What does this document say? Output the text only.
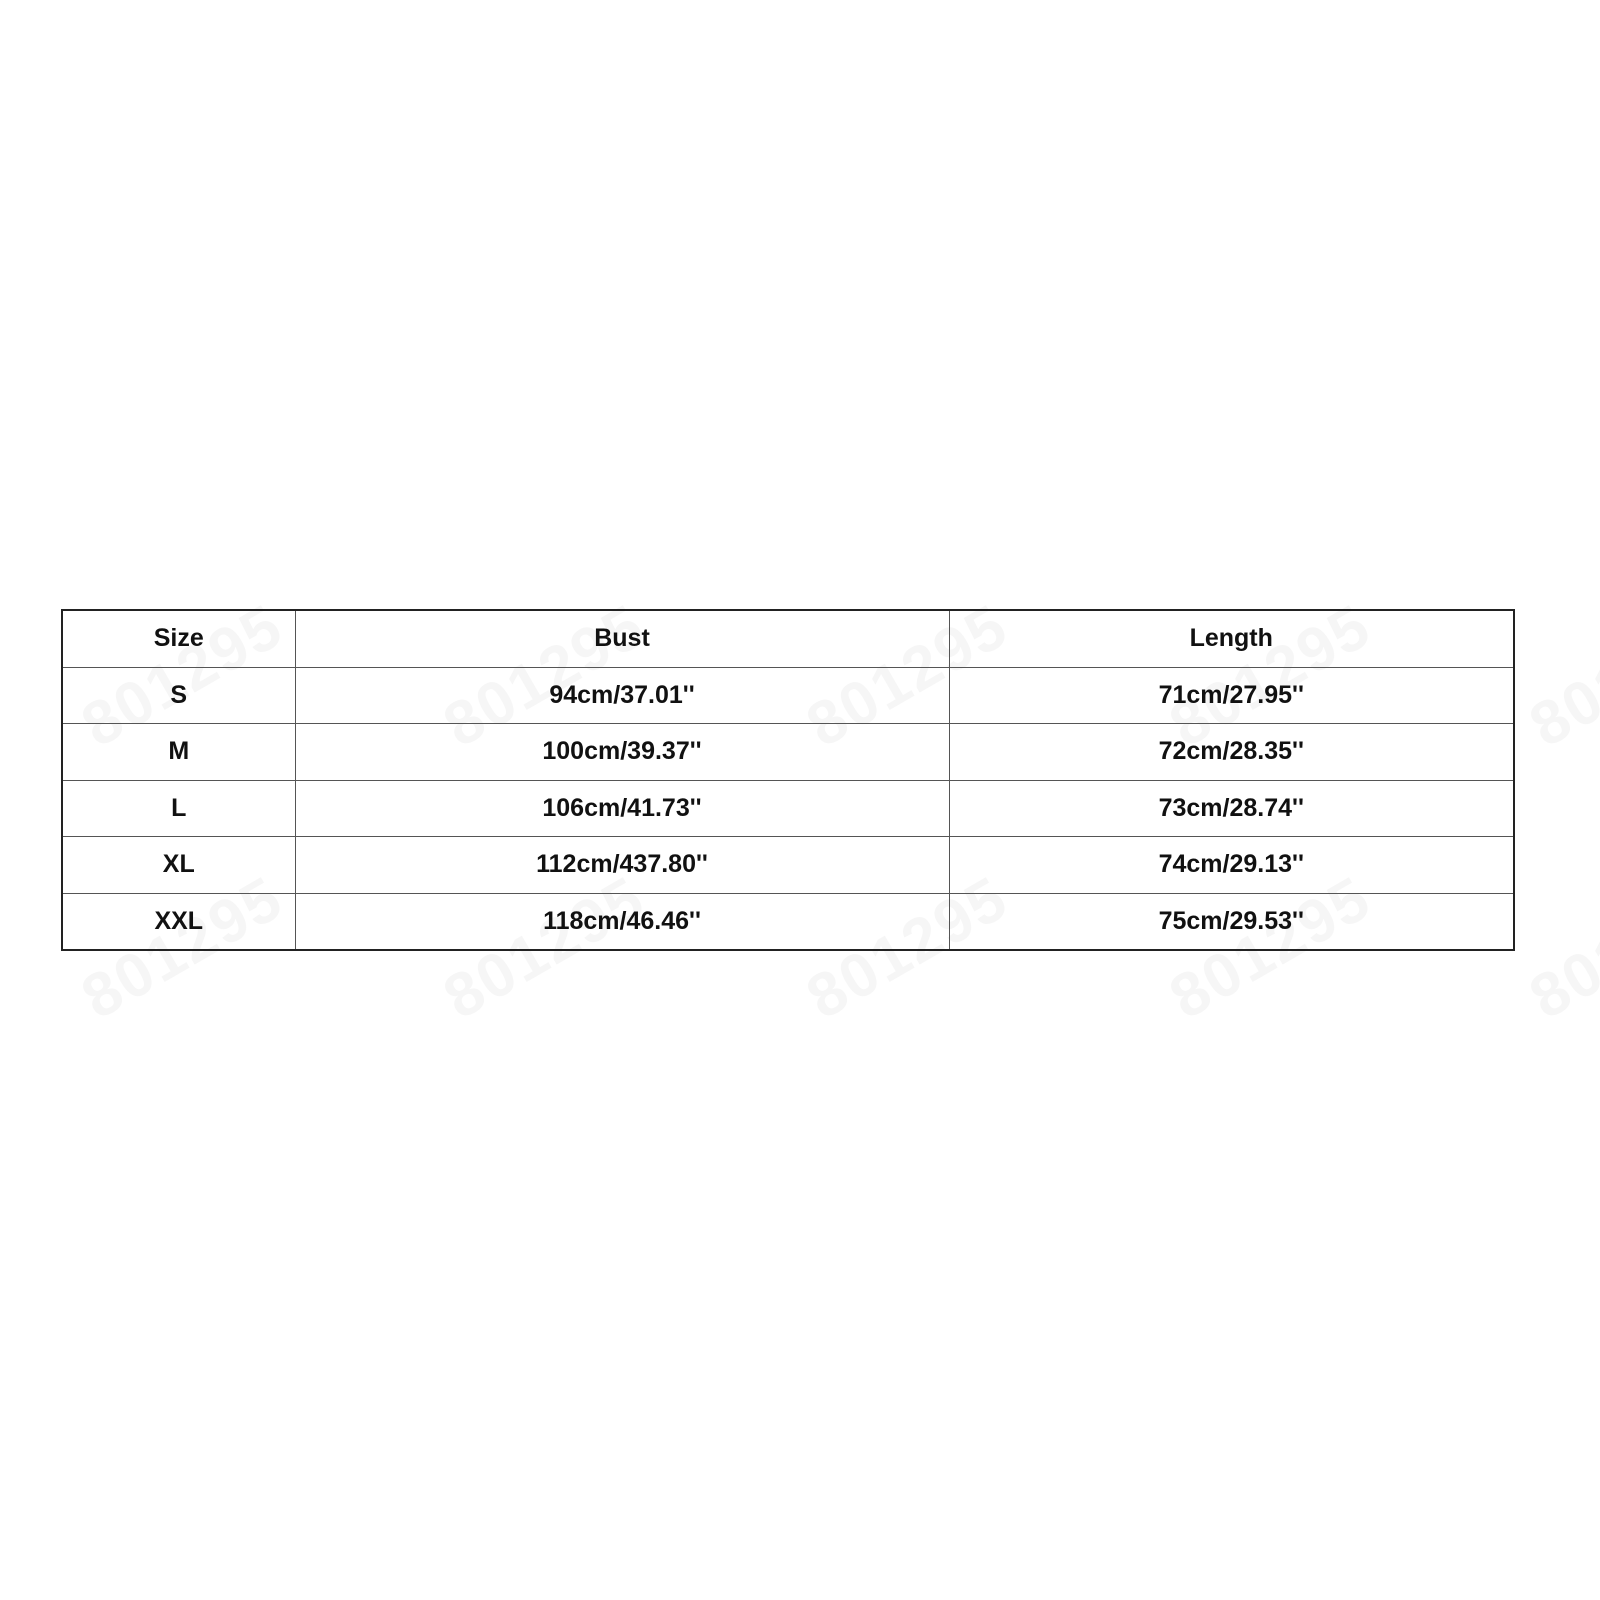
Size	Bust	Length
S	94cm/37.01''	71cm/27.95''
M	100cm/39.37''	72cm/28.35''
L	106cm/41.73''	73cm/28.74''
XL	112cm/437.80''	74cm/29.13''
XXL	118cm/46.46''	75cm/29.53''
